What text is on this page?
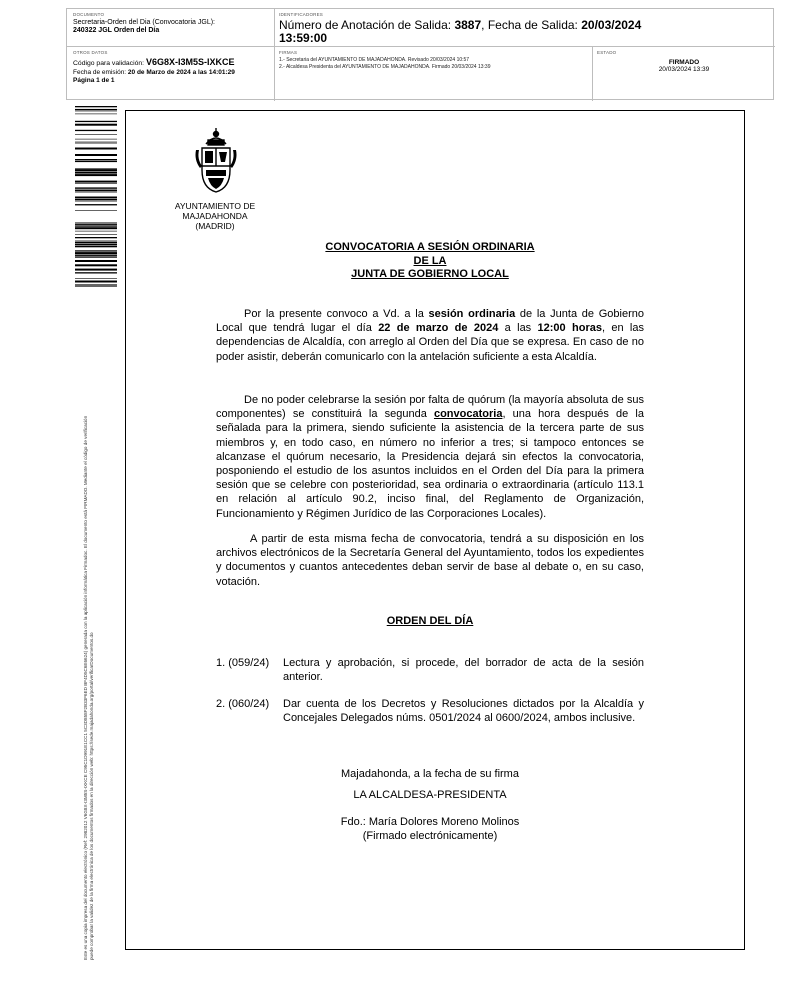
DOCUMENTO
Secretaria-Orden del Dia (Convocatoria JGL):
240322 JGL Orden del Día
IDENTIFICADORES
Número de Anotación de Salida: 3887, Fecha de Salida: 20/03/2024
13:59:00
OTROS DATOS
Código para validación: V6G8X-I3M5S-IXKCE
Fecha de emisión: 20 de Marzo de 2024 a las 14:01:29
Página 1 de 1
FIRMAS
1.- Secretaria del AYUNTAMIENTO DE MAJADAHONDA. Revisado 20/03/2024 10:57
2.- Alcaldesa Presidenta del AYUNTAMIENTO DE MAJADAHONDA. Firmado 20/03/2024 13:39
ESTADO
FIRMADO
20/03/2024 13:39
Este es una copia impresa del documento electrónico (Ref: 2982012 V6G8X-I3M5S-IXKCE C95C1D991E1CC1 5C3D858F2B33F6ED BF4D5C6E6624) generada con la aplicación informática Firmadoc. El documento está FIRMADO. Mediante el código de verificación puede comprobar la validez de la firma electrónica de los documentos firmados en la dirección web: https://sede.majadahonda.org/portal/verificarDocumentos.do
AYUNTAMIENTO DE
MAJADAHONDA
(MADRID)
CONVOCATORIA A SESIÓN ORDINARIA
DE LA
JUNTA DE GOBIERNO LOCAL

Por la presente convoco a Vd. a la sesión ordinaria de la Junta de Gobierno Local que tendrá lugar el día 22 de marzo de 2024 a las 12:00 horas, en las dependencias de Alcaldía, con arreglo al Orden del Día que se expresa. En caso de no poder asistir, deberán comunicarlo con la antelación suficiente a esta Alcaldía.

De no poder celebrarse la sesión por falta de quórum (la mayoría absoluta de sus componentes) se constituirá la segunda convocatoria, una hora después de la señalada para la primera, siendo suficiente la asistencia de la tercera parte de sus miembros y, en todo caso, en número no inferior a tres; si tampoco entonces se alcanzase el quórum necesario, la Presidencia dejará sin efectos la convocatoria, posponiendo el estudio de los asuntos incluidos en el Orden del Día para la primera sesión que se celebre con posterioridad, sea ordinaria o extraordinaria (artículo 113.1 en relación al artículo 90.2, inciso final, del Reglamento de Organización, Funcionamiento y Régimen Jurídico de las Corporaciones Locales).

A partir de esta misma fecha de convocatoria, tendrá a su disposición en los archivos electrónicos de la Secretaría General del Ayuntamiento, todos los expedientes y documentos y cuantos antecedentes deban servir de base al debate o, en su caso, votación.

ORDEN DEL DÍA
1. (059/24) Lectura y aprobación, si procede, del borrador de acta de la sesión anterior.
2. (060/24) Dar cuenta de los Decretos y Resoluciones dictados por la Alcaldía y Concejales Delegados núms. 0501/2024 al 0600/2024, ambos inclusive.
Majadahonda, a la fecha de su firma
LA ALCALDESA-PRESIDENTA
Fdo.: María Dolores Moreno Molinos
(Firmado electrónicamente)
